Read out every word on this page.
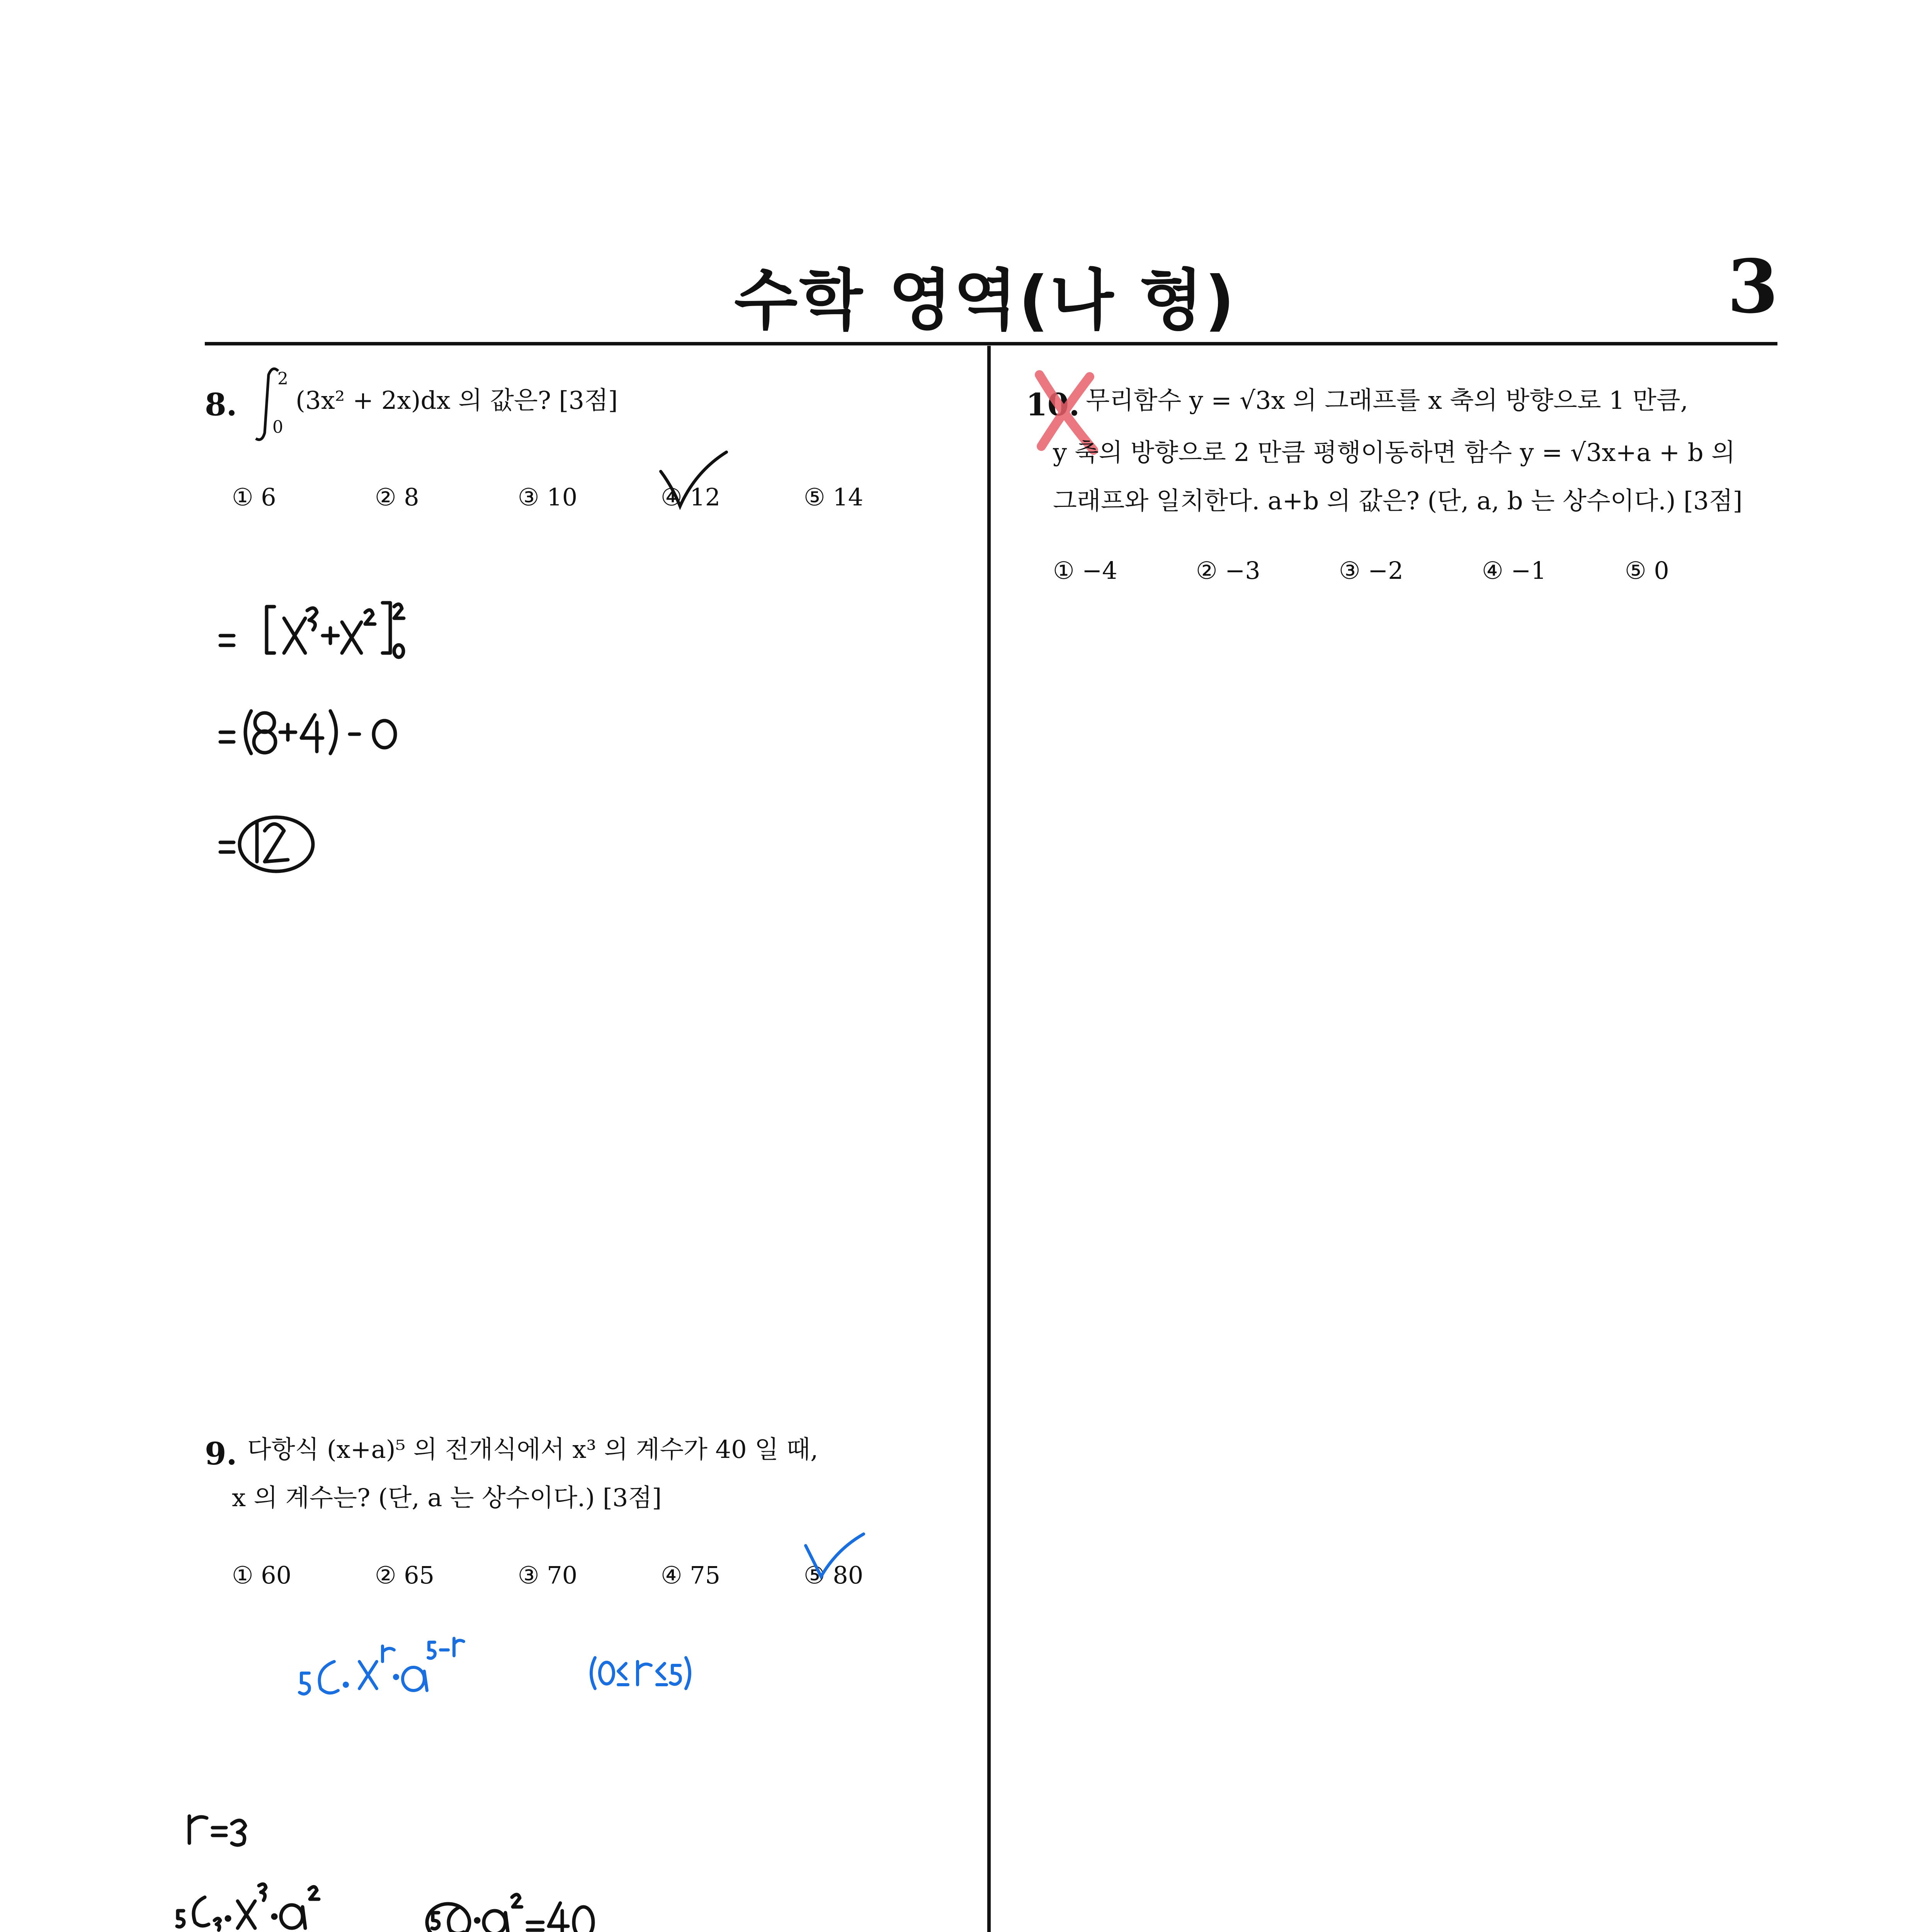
수학 영역(나 형)	3
8.
2
0
(3x² + 2x)dx 의 값은? [3점]
① 6	② 8	③ 10	④ 12	⑤ 14
9. 다항식 (x+a)⁵ 의 전개식에서 x³ 의 계수가 40 일 때,
x 의 계수는? (단, a 는 상수이다.) [3점]
① 60	② 65	③ 70	④ 75	⑤ 80
10. 무리함수 y = √3x 의 그래프를 x 축의 방향으로 1 만큼,
y 축의 방향으로 2 만큼 평행이동하면 함수 y = √3x+a + b 의
그래프와 일치한다. a+b 의 값은? (단, a, b 는 상수이다.) [3점]
① −4	② −3	③ −2	④ −1	⑤ 0
